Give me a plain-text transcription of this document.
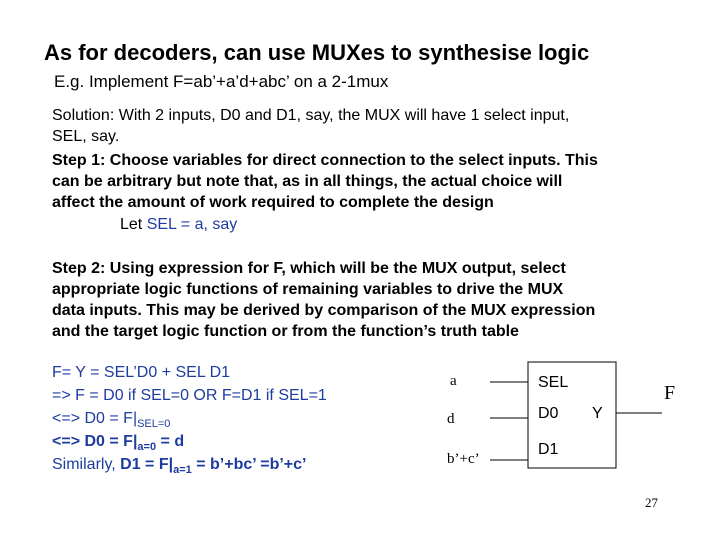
As for decoders, can use MUXes to synthesise logic
E.g. Implement F=ab’+a’d+abc’ on a 2-1mux
Solution: With 2 inputs, D0 and D1, say, the MUX will have 1 select input,
SEL, say.
Step 1: Choose variables for direct connection to the select inputs. This
can be arbitrary but note that, as in all things, the actual choice will
affect the amount of work required to complete the design
Let SEL = a, say
Step 2: Using expression for F, which will be the MUX output, select
appropriate logic functions of remaining variables to drive the MUX
data inputs. This may be derived by comparison of the MUX expression
and the target logic function or from the function’s truth table
F= Y = SEL’D0 + SEL D1
=> F = D0 if SEL=0 OR F=D1 if SEL=1
<=> $D0 = F|_{SEL=0}$
<=> $D0 = F|_{a=0} = d$
Similarly, $D1 = F|_{a=1}$ = b’+bc’ =b’+c’
a
d
b’+c’
SEL
D0
D1
Y
F
27
